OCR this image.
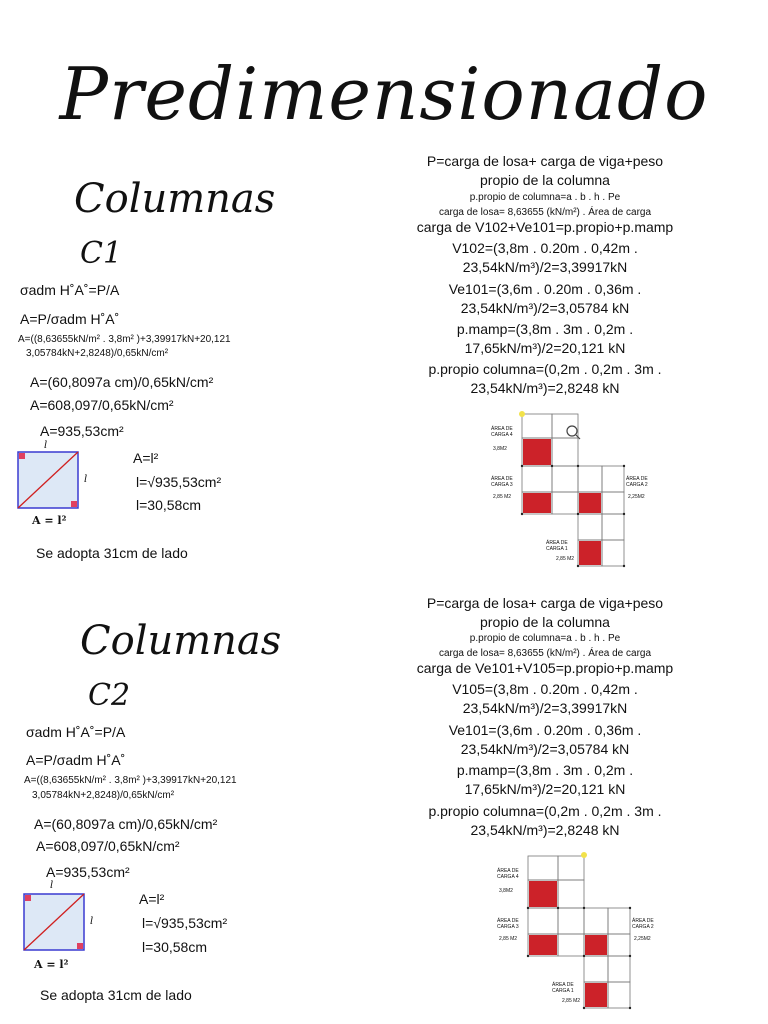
Predimensionado
Columnas
C1
σadm H˚A˚=P/A
A=P/σadm H˚A˚
A=((8,63655kN/m² . 3,8m² )+3,39917kN+20,121
3,05784kN+2,8248)/0,65kN/cm²
A=(60,8097a cm)/0,65kN/cm²
A=608,097/0,65kN/cm²
A=935,53cm²
l
l
A = l²
A=l²
l=√935,53cm²
l=30,58cm
Se adopta 31cm de lado
P=carga de losa+ carga de viga+peso
propio de la columna
p.propio de columna=a . b . h . Pe
carga de losa= 8,63655 (kN/m²) . Área de carga
carga de V102+Ve101=p.propio+p.mamp
V102=(3,8m . 0.20m . 0,42m .
23,54kN/m³)/2=3,39917kN
Ve101=(3,6m . 0.20m . 0,36m .
23,54kN/m³)/2=3,05784 kN
p.mamp=(3,8m . 3m . 0,2m .
17,65kN/m³)/2=20,121 kN
p.propio columna=(0,2m . 0,2m . 3m .
23,54kN/m³)=2,8248 kN
ÁREA DE CARGA 4
3,8M2
ÁREA DE CARGA 3
2,85 M2
ÁREA DE CARGA 2
2,25M2
ÁREA DE CARGA 1
2,85 M2
Columnas
C2
σadm H˚A˚=P/A
A=P/σadm H˚A˚
A=((8,63655kN/m² . 3,8m² )+3,39917kN+20,121
3,05784kN+2,8248)/0,65kN/cm²
A=(60,8097a cm)/0,65kN/cm²
A=608,097/0,65kN/cm²
A=935,53cm²
l
l
A = l²
A=l²
l=√935,53cm²
l=30,58cm
Se adopta 31cm de lado
P=carga de losa+ carga de viga+peso
propio de la columna
p.propio de columna=a . b . h . Pe
carga de losa= 8,63655 (kN/m²) . Área de carga
carga de Ve101+V105=p.propio+p.mamp
V105=(3,8m . 0.20m . 0,42m .
23,54kN/m³)/2=3,39917kN
Ve101=(3,6m . 0.20m . 0,36m .
23,54kN/m³)/2=3,05784 kN
p.mamp=(3,8m . 3m . 0,2m .
17,65kN/m³)/2=20,121 kN
p.propio columna=(0,2m . 0,2m . 3m .
23,54kN/m³)=2,8248 kN
ÁREA DE CARGA 4
3,8M2
ÁREA DE CARGA 3
2,85 M2
ÁREA DE CARGA 2
2,25M2
ÁREA DE CARGA 1
2,85 M2
